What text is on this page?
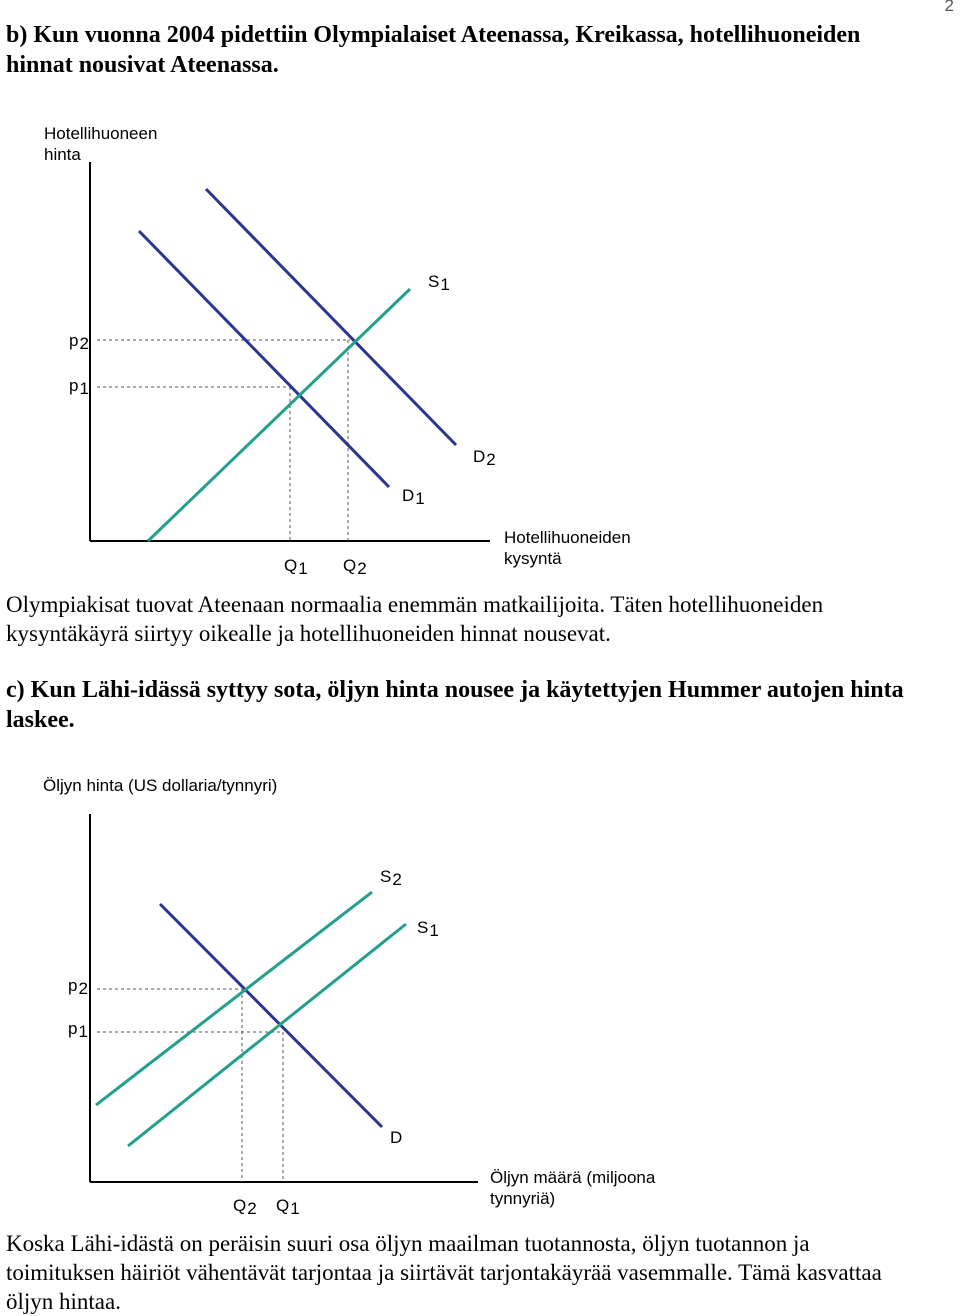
2
b) Kun vuonna 2004 pidettiin Olympialaiset Ateenassa, Kreikassa, hotellihuoneiden
hinnat nousivat Ateenassa.
Hotellihuoneen
hinta
S1
p2
p1
D2
D1
Q1 Q2
Hotellihuoneiden
kysyntä
Olympiakisat tuovat Ateenaan normaalia enemmän matkailijoita. Täten hotellihuoneiden
kysyntäkäyrä siirtyy oikealle ja hotellihuoneiden hinnat nousevat.
c) Kun Lähi-idässä syttyy sota, öljyn hinta nousee ja käytettyjen Hummer autojen hinta
laskee.
Öljyn hinta (US dollaria/tynnyri)
S2
S1
p2
p1
D
Q2 Q1
Öljyn määrä (miljoona
tynnyriä)
Koska Lähi-idästä on peräisin suuri osa öljyn maailman tuotannosta, öljyn tuotannon ja
toimituksen häiriöt vähentävät tarjontaa ja siirtävät tarjontakäyrää vasemmalle. Tämä kasvattaa
öljyn hintaa.
